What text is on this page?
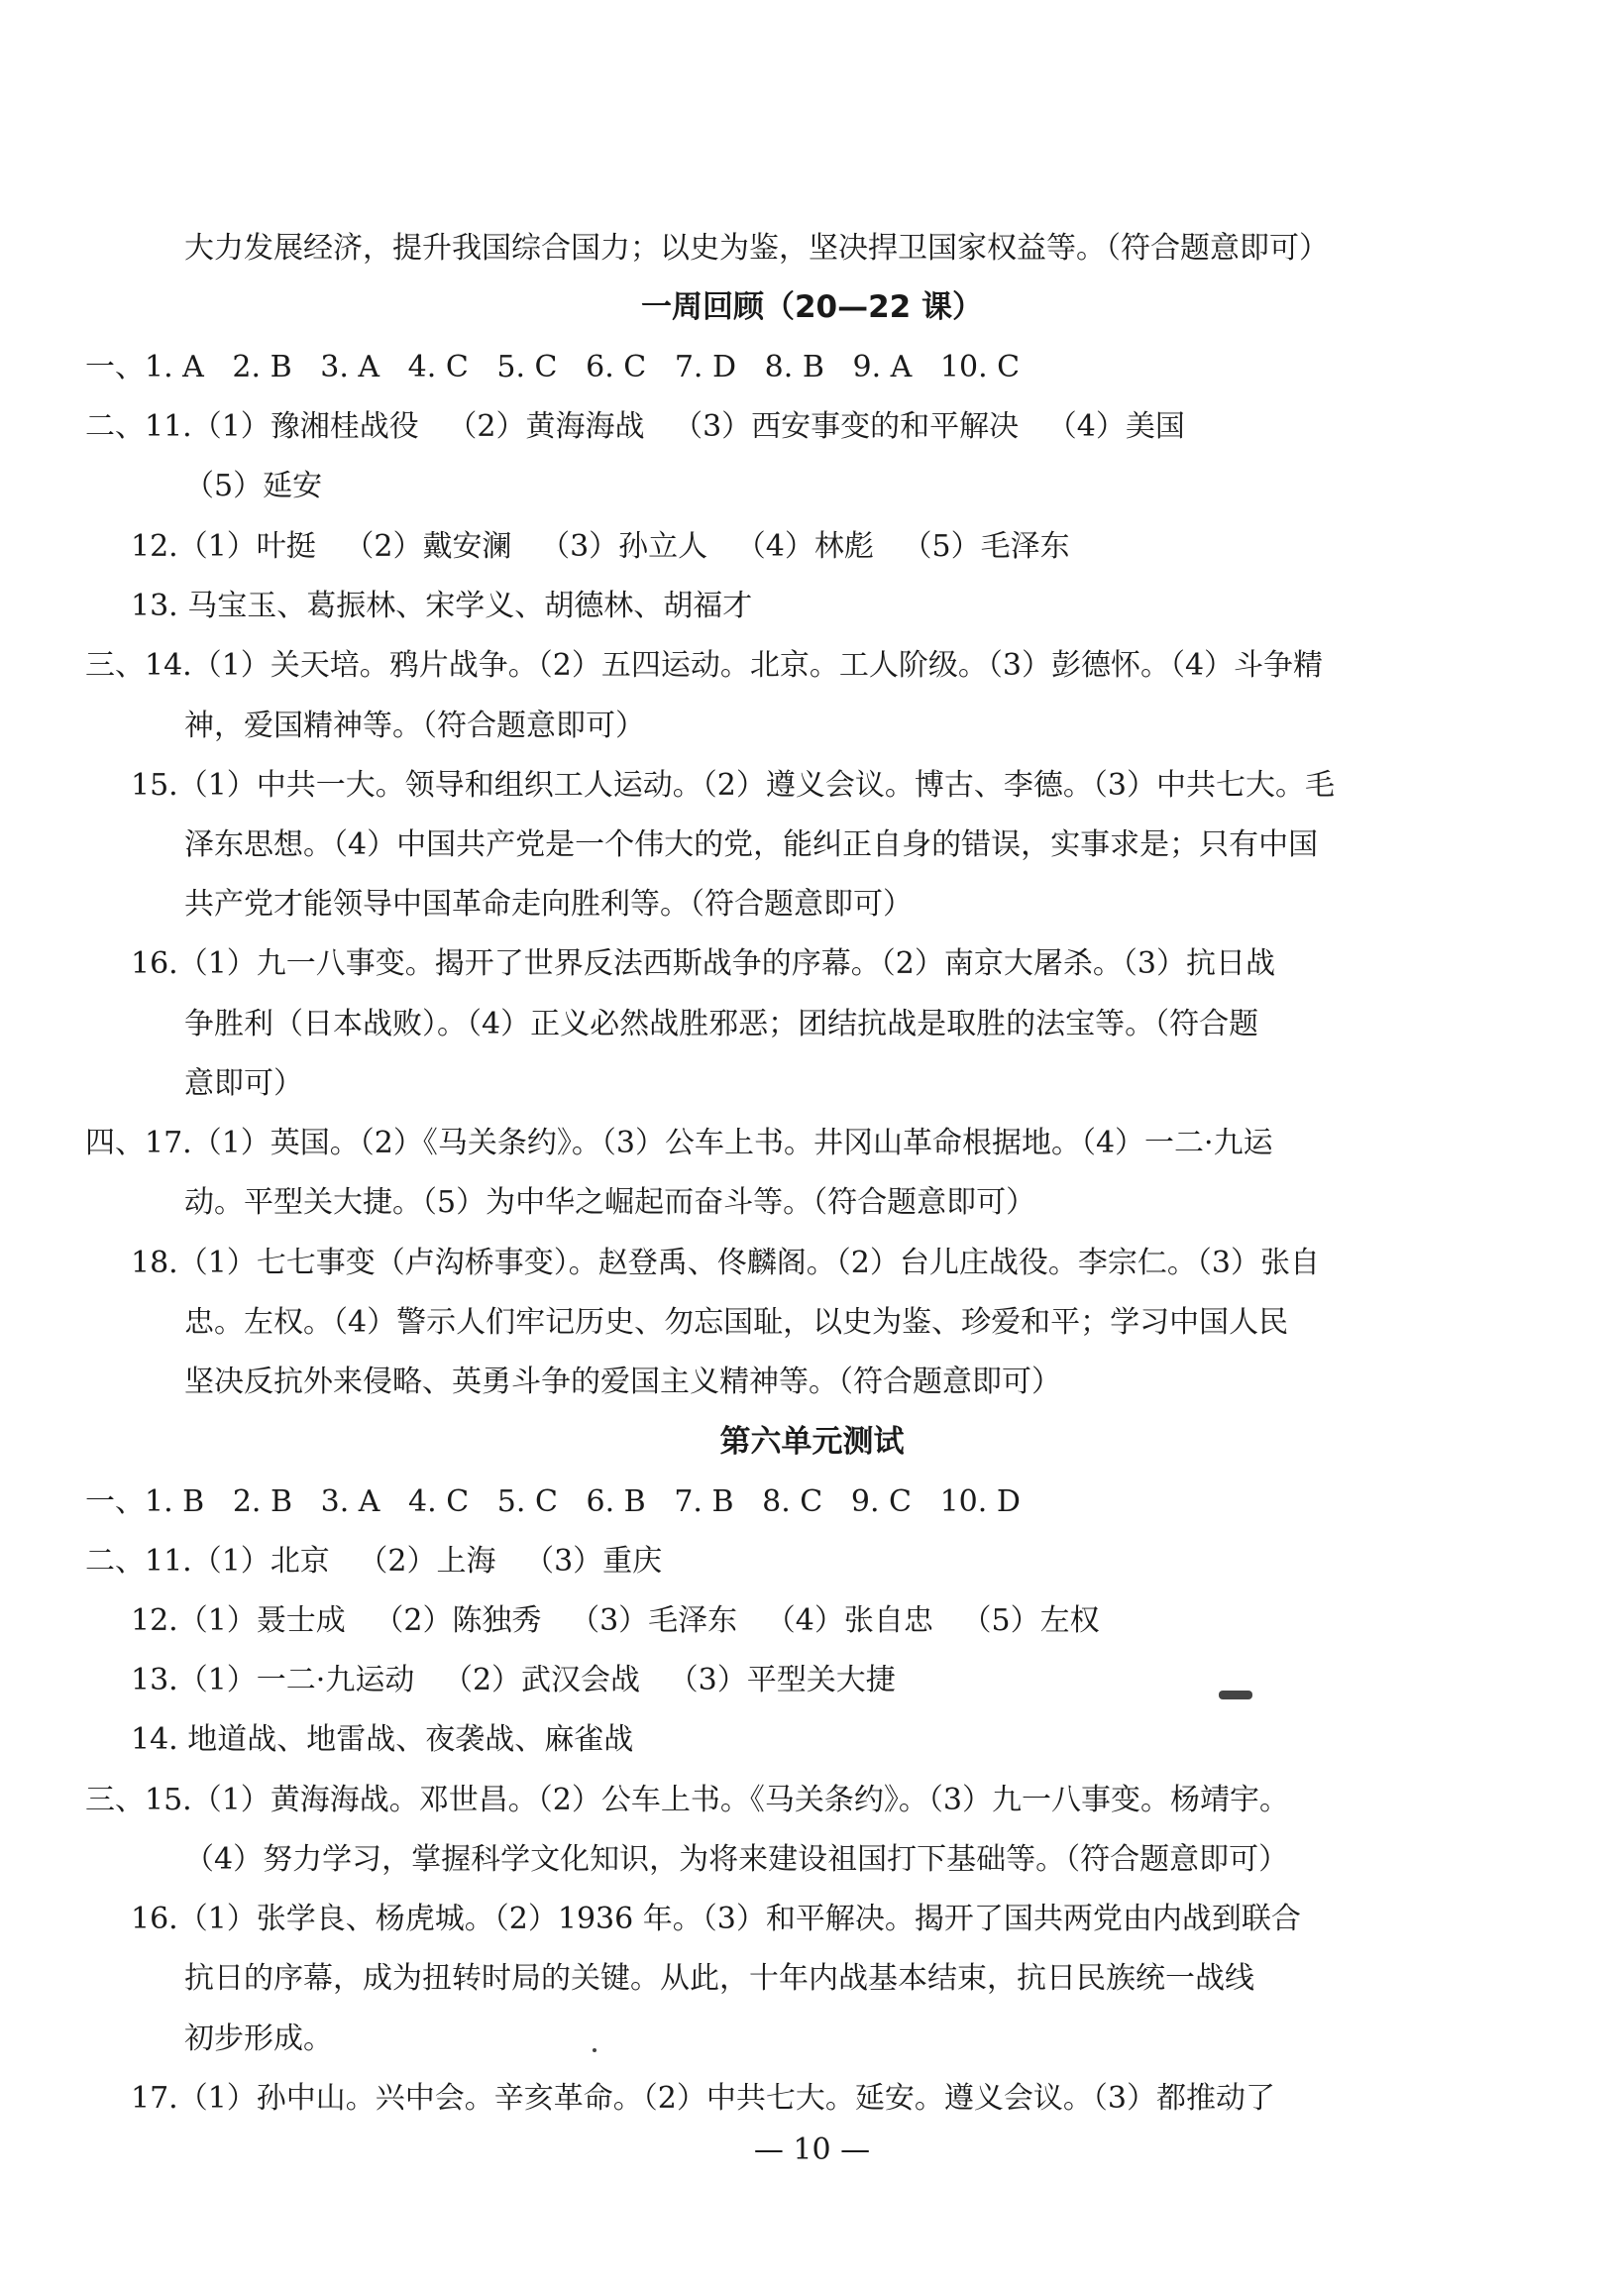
大力发展经济，提升我国综合国力；以史为鉴，坚决捍卫国家权益等。（符合题意即可）
一周回顾（20—22 课）
一、1. A   2. B   3. A   4. C   5. C   6. C   7. D   8. B   9. A   10. C
二、11.（1）豫湘桂战役   （2）黄海海战   （3）西安事变的和平解决   （4）美国
（5）延安
12.（1）叶挺   （2）戴安澜   （3）孙立人   （4）林彪   （5）毛泽东
13. 马宝玉、葛振林、宋学义、胡德林、胡福才
三、14.（1）关天培。鸦片战争。（2）五四运动。北京。工人阶级。（3）彭德怀。（4）斗争精
神，爱国精神等。（符合题意即可）
15.（1）中共一大。领导和组织工人运动。（2）遵义会议。博古、李德。（3）中共七大。毛
泽东思想。（4）中国共产党是一个伟大的党，能纠正自身的错误，实事求是；只有中国
共产党才能领导中国革命走向胜利等。（符合题意即可）
16.（1）九一八事变。揭开了世界反法西斯战争的序幕。（2）南京大屠杀。（3）抗日战
争胜利（日本战败）。（4）正义必然战胜邪恶；团结抗战是取胜的法宝等。（符合题
意即可）
四、17.（1）英国。（2）《马关条约》。（3）公车上书。井冈山革命根据地。（4）一二·九运
动。平型关大捷。（5）为中华之崛起而奋斗等。（符合题意即可）
18.（1）七七事变（卢沟桥事变）。赵登禹、佟麟阁。（2）台儿庄战役。李宗仁。（3）张自
忠。左权。（4）警示人们牢记历史、勿忘国耻，以史为鉴、珍爱和平；学习中国人民
坚决反抗外来侵略、英勇斗争的爱国主义精神等。（符合题意即可）
第六单元测试
一、1. B   2. B   3. A   4. C   5. C   6. B   7. B   8. C   9. C   10. D
二、11.（1）北京   （2）上海   （3）重庆
12.（1）聂士成   （2）陈独秀   （3）毛泽东   （4）张自忠   （5）左权
13.（1）一二·九运动   （2）武汉会战   （3）平型关大捷
14. 地道战、地雷战、夜袭战、麻雀战
三、15.（1）黄海海战。邓世昌。（2）公车上书。《马关条约》。（3）九一八事变。杨靖宇。
（4）努力学习，掌握科学文化知识，为将来建设祖国打下基础等。（符合题意即可）
16.（1）张学良、杨虎城。（2）1936 年。（3）和平解决。揭开了国共两党由内战到联合
抗日的序幕，成为扭转时局的关键。从此，十年内战基本结束，抗日民族统一战线
初步形成。
17.（1）孙中山。兴中会。辛亥革命。（2）中共七大。延安。遵义会议。（3）都推动了
— 10 —
